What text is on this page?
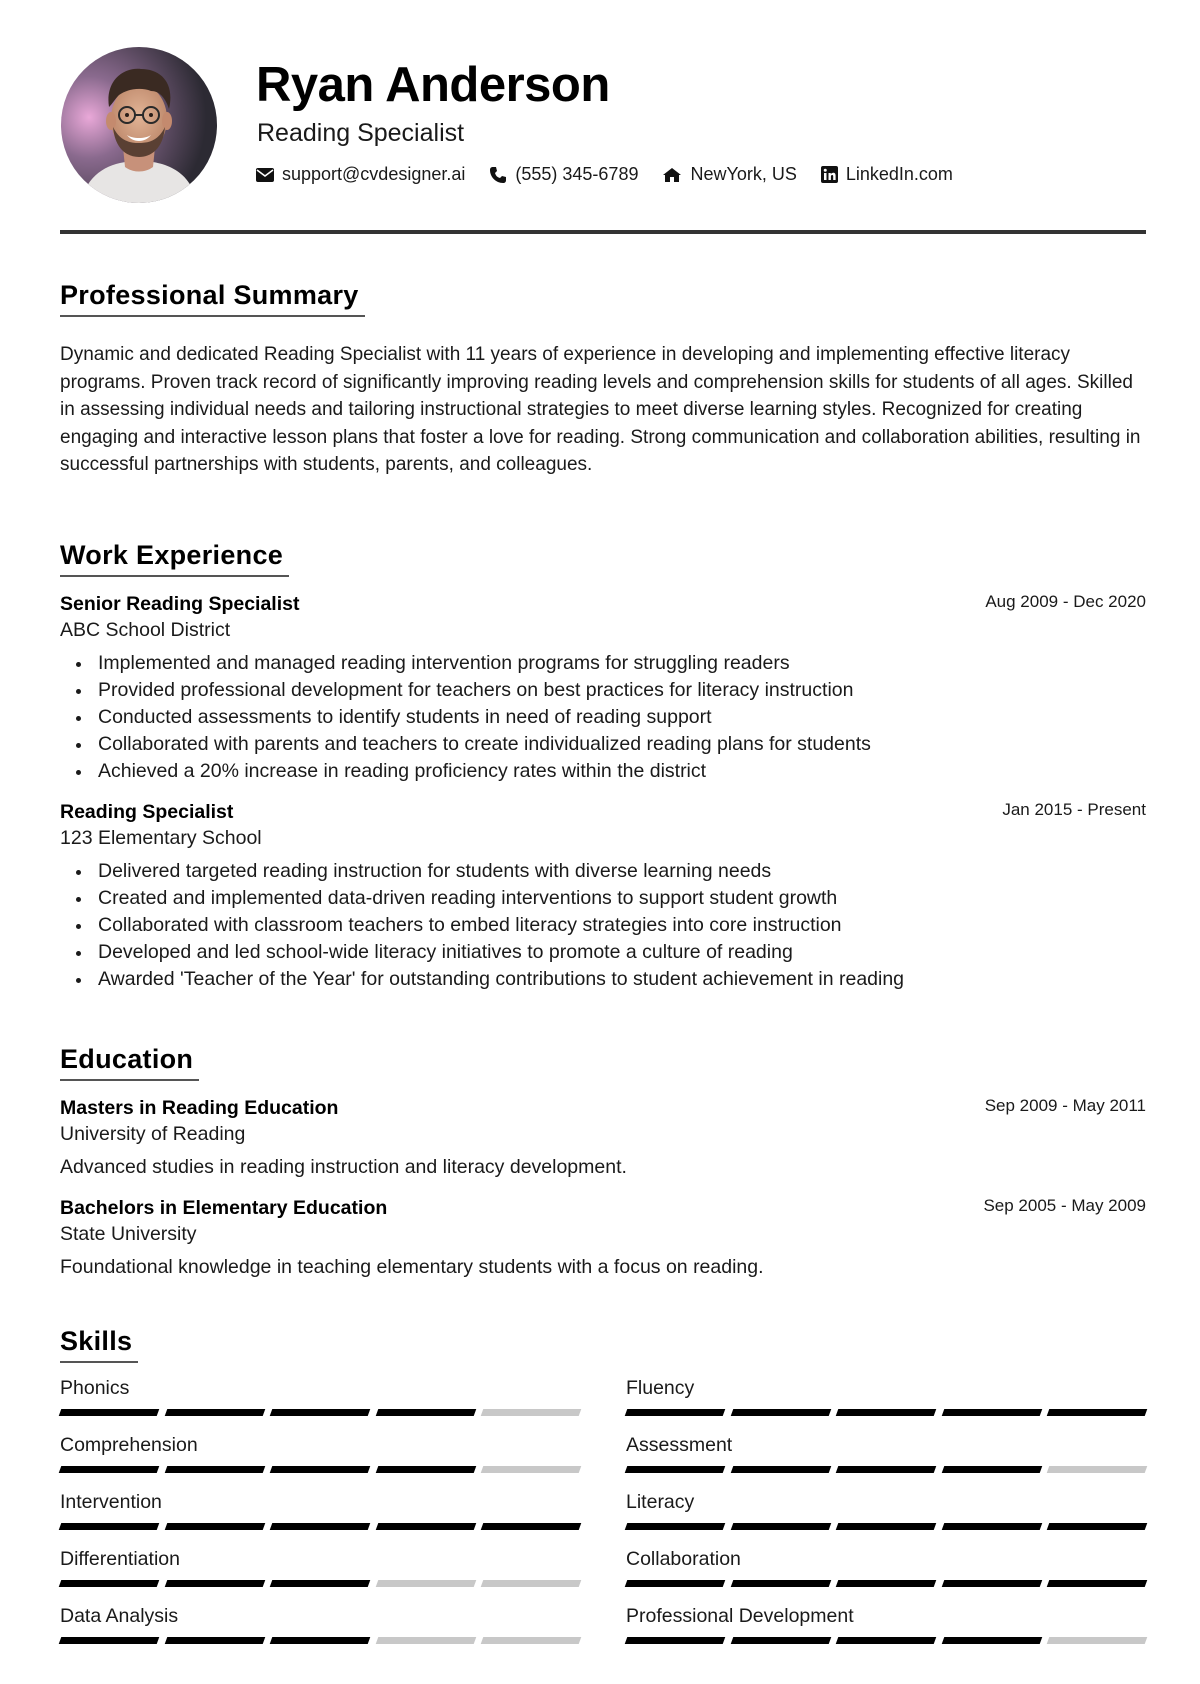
Ryan Anderson
Reading Specialist
support@cvdesigner.ai	(555) 345-6789	NewYork, US	LinkedIn.com
Professional Summary
Dynamic and dedicated Reading Specialist with 11 years of experience in developing and implementing effective literacy programs. Proven track record of significantly improving reading levels and comprehension skills for students of all ages. Skilled in assessing individual needs and tailoring instructional strategies to meet diverse learning styles. Recognized for creating engaging and interactive lesson plans that foster a love for reading. Strong communication and collaboration abilities, resulting in successful partnerships with students, parents, and colleagues.
Work Experience
Senior Reading Specialist
ABC School District
Aug 2009 - Dec 2020
Implemented and managed reading intervention programs for struggling readers
Provided professional development for teachers on best practices for literacy instruction
Conducted assessments to identify students in need of reading support
Collaborated with parents and teachers to create individualized reading plans for students
Achieved a 20% increase in reading proficiency rates within the district
Reading Specialist
123 Elementary School
Jan 2015 - Present
Delivered targeted reading instruction for students with diverse learning needs
Created and implemented data-driven reading interventions to support student growth
Collaborated with classroom teachers to embed literacy strategies into core instruction
Developed and led school-wide literacy initiatives to promote a culture of reading
Awarded 'Teacher of the Year' for outstanding contributions to student achievement in reading
Education
Masters in Reading Education
University of Reading
Sep 2009 - May 2011
Advanced studies in reading instruction and literacy development.
Bachelors in Elementary Education
State University
Sep 2005 - May 2009
Foundational knowledge in teaching elementary students with a focus on reading.
Skills
Phonics	Fluency
Comprehension	Assessment
Intervention	Literacy
Differentiation	Collaboration
Data Analysis	Professional Development
